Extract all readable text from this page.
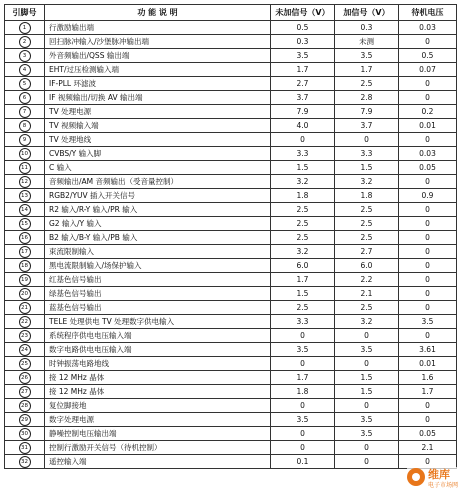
引脚号	功 能 说 明	未加信号（V）	加信号（V）	待机电压
1	行激励输出端	0.5	0.3	0.03
2	回扫脉冲输入/沙堡脉冲输出端	0.3	未测	0
3	外音频输出/QSS 输出端	3.5	3.5	0.5
4	EHT/过压检测输入端	1.7	1.7	0.07
5	IF-PLL 环滤波	2.7	2.5	0
6	IF 视频输出/切换 AV 输出端	3.7	2.8	0
7	TV 处理电源	7.9	7.9	0.2
8	TV 视频输入端	4.0	3.7	0.01
9	TV 处理地线	0	0	0
10	CVBS/Y 输入脚	3.3	3.3	0.03
11	C 输入	1.5	1.5	0.05
12	音频输出/AM 音频输出（受音量控制）	3.2	3.2	0
13	RGB2/YUV 插入开关信号	1.8	1.8	0.9
14	R2 输入/R-Y 输入/PR 输入	2.5	2.5	0
15	G2 输入/Y 输入	2.5	2.5	0
16	B2 输入/B-Y 输入/PB 输入	2.5	2.5	0
17	束流限制输入	3.2	2.7	0
18	黑电流限制输入/场保护输入	6.0	6.0	0
19	红基色信号输出	1.7	2.2	0
20	绿基色信号输出	1.5	2.1	0
21	蓝基色信号输出	2.5	2.5	0
22	TELE 处理供电 TV 处理数字供电输入	3.3	3.2	3.5
23	系统程序供电电压输入端	0	0	0
24	数字电路供电电压输入端	3.5	3.5	3.61
25	时钟振荡电路地线	0	0	0.01
26	接 12 MHz 晶体	1.7	1.5	1.6
27	接 12 MHz 晶体	1.8	1.5	1.7
28	复位脚接地	0	0	0
29	数字处理电源	3.5	3.5	0
30	静噪控制电压输出端	0	3.5	0.05
31	控制行激励开关信号（待机控制）	0	0	2.1
32	遥控输入端	0.1	0	0
维库
电子市场网
